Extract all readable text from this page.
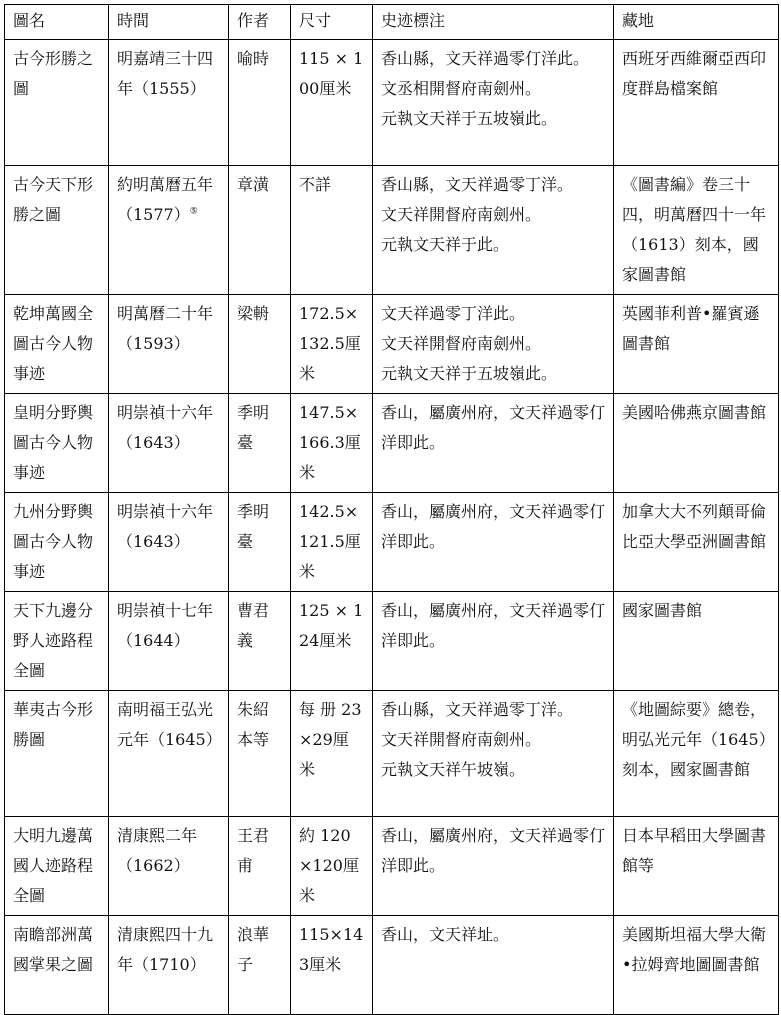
圖名	時間	作者	尺寸	史迹標注	藏地
古今形勝之圖	明嘉靖三十四年（1555）	喻時	115 × 100厘米	香山縣，文天祥過零仃洋此。
文丞相開督府南劍州。
元執文天祥于五坡嶺此。	西班牙西維爾亞西印度群島檔案館
古今天下形勝之圖	約明萬曆五年（1577）⑤	章潢	不詳	香山縣，文天祥過零丁洋。
文天祥開督府南劍州。
元執文天祥于此。	《圖書編》卷三十四，明萬曆四十一年（1613）刻本，國家圖書館
乾坤萬國全圖古今人物事迹	明萬曆二十年（1593）	梁輈	172.5×132.5厘米	文天祥過零丁洋此。
文天祥開督府南劍州。
元執文天祥于五坡嶺此。	英國菲利普•羅賓遜圖書館
皇明分野輿圖古今人物事迹	明崇禎十六年（1643）	季明臺	147.5×166.3厘米	香山，屬廣州府，文天祥過零仃洋即此。	美國哈佛燕京圖書館
九州分野輿圖古今人物事迹	明崇禎十六年（1643）	季明臺	142.5×121.5厘米	香山，屬廣州府，文天祥過零仃洋即此。	加拿大大不列顛哥倫比亞大學亞洲圖書館
天下九邊分野人迹路程全圖	明崇禎十七年（1644）	曹君義	125 × 124厘米	香山，屬廣州府，文天祥過零仃洋即此。	國家圖書館
華夷古今形勝圖	南明福王弘光元年（1645）	朱紹本等	每 册 23×29厘米	香山縣，文天祥過零丁洋。
文天祥開督府南劍州。
元執文天祥午坡嶺。	《地圖綜要》總卷，明弘光元年（1645）刻本，國家圖書館
大明九邊萬國人迹路程全圖	清康熙二年（1662）	王君甫	約 120 ×120厘米	香山，屬廣州府，文天祥過零仃洋即此。	日本早稻田大學圖書館等
南瞻部洲萬國掌果之圖	清康熙四十九年（1710）	浪華子	115×143厘米	香山，文天祥址。	美國斯坦福大學大衛•拉姆齊地圖圖書館
